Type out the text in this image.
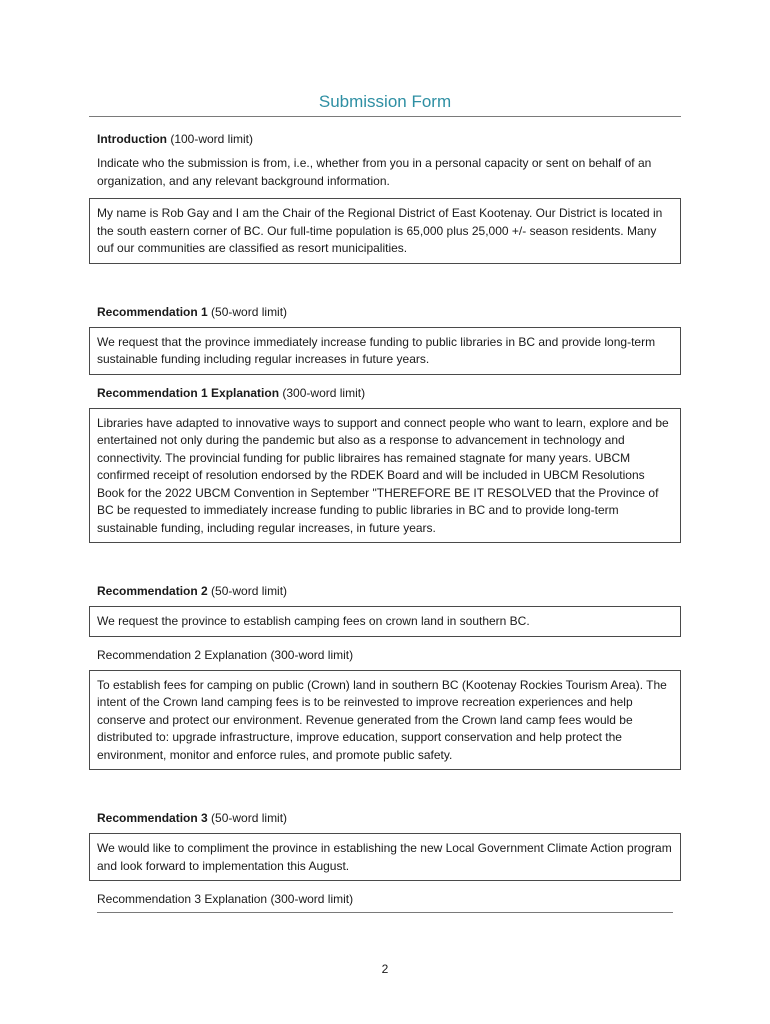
Submission Form
Introduction (100-word limit)
Indicate who the submission is from, i.e., whether from you in a personal capacity or sent on behalf of an organization, and any relevant background information.
My name is Rob Gay and I am the Chair of the Regional District of East Kootenay. Our District is located in the south eastern corner of BC. Our full-time population is 65,000 plus 25,000 +/- season residents. Many ouf our communities are classified as resort municipalities.
Recommendation 1 (50-word limit)
We request that the province immediately increase funding to public libraries in BC and provide long-term sustainable funding including regular increases in future years.
Recommendation 1 Explanation (300-word limit)
Libraries have adapted to innovative ways to support and connect people who want to learn, explore and be entertained not only during the pandemic but also as a response to advancement in technology and connectivity. The provincial funding for public libraires has remained stagnate for many years. UBCM confirmed receipt of resolution endorsed by the RDEK Board and will be included in UBCM Resolutions Book for the 2022 UBCM Convention in September "THEREFORE BE IT RESOLVED that the Province of BC be requested to immediately increase funding to public libraries in BC and to provide long-term sustainable funding, including regular increases, in future years.
Recommendation 2 (50-word limit)
We request the province to establish camping fees on crown land in southern BC.
Recommendation 2 Explanation (300-word limit)
To establish fees for camping on public (Crown) land in southern BC (Kootenay Rockies Tourism Area). The intent of the Crown land camping fees is to be reinvested to improve recreation experiences and help conserve and protect our environment. Revenue generated from the Crown land camp fees would be distributed to: upgrade infrastructure, improve education, support conservation and help protect the environment, monitor and enforce rules, and promote public safety.
Recommendation 3 (50-word limit)
We would like to compliment the province in establishing the new Local Government Climate Action program and look forward to implementation this August.
Recommendation 3 Explanation (300-word limit)
2
